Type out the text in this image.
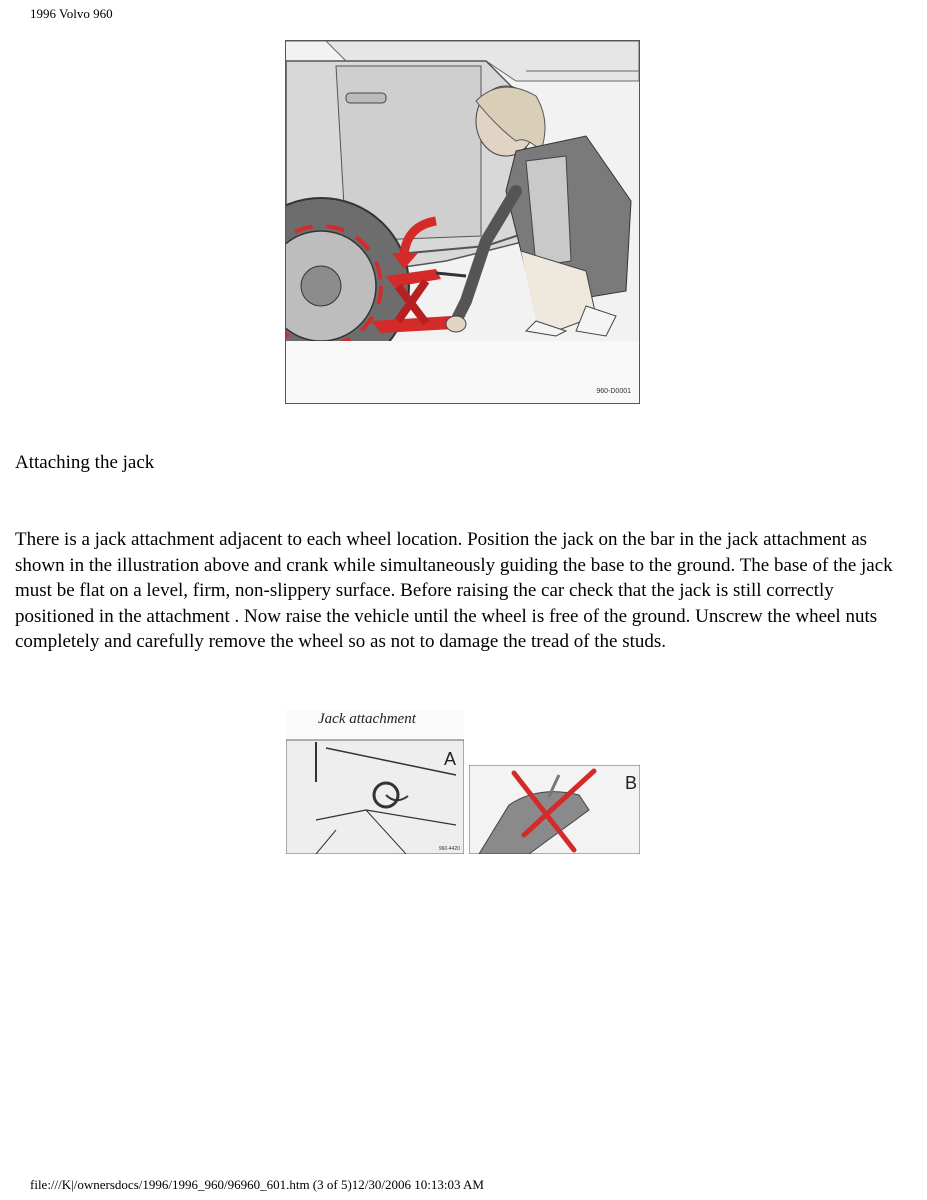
1996 Volvo 960
960-D0001
Attaching the jack
There is a jack attachment adjacent to each wheel location. Position the jack on the bar in the jack attachment as shown in the illustration above and crank while simultaneously guiding the base to the ground. The base of the jack must be flat on a level, firm, non-slippery surface. Before raising the car check that the jack is still correctly positioned in the attachment . Now raise the vehicle until the wheel is free of the ground. Unscrew the wheel nuts completely and carefully remove the wheel so as not to damage the tread of the studs.
A
960-4420
Jack attachment
B
file:///K|/ownersdocs/1996/1996_960/96960_601.htm (3 of 5)12/30/2006 10:13:03 AM
